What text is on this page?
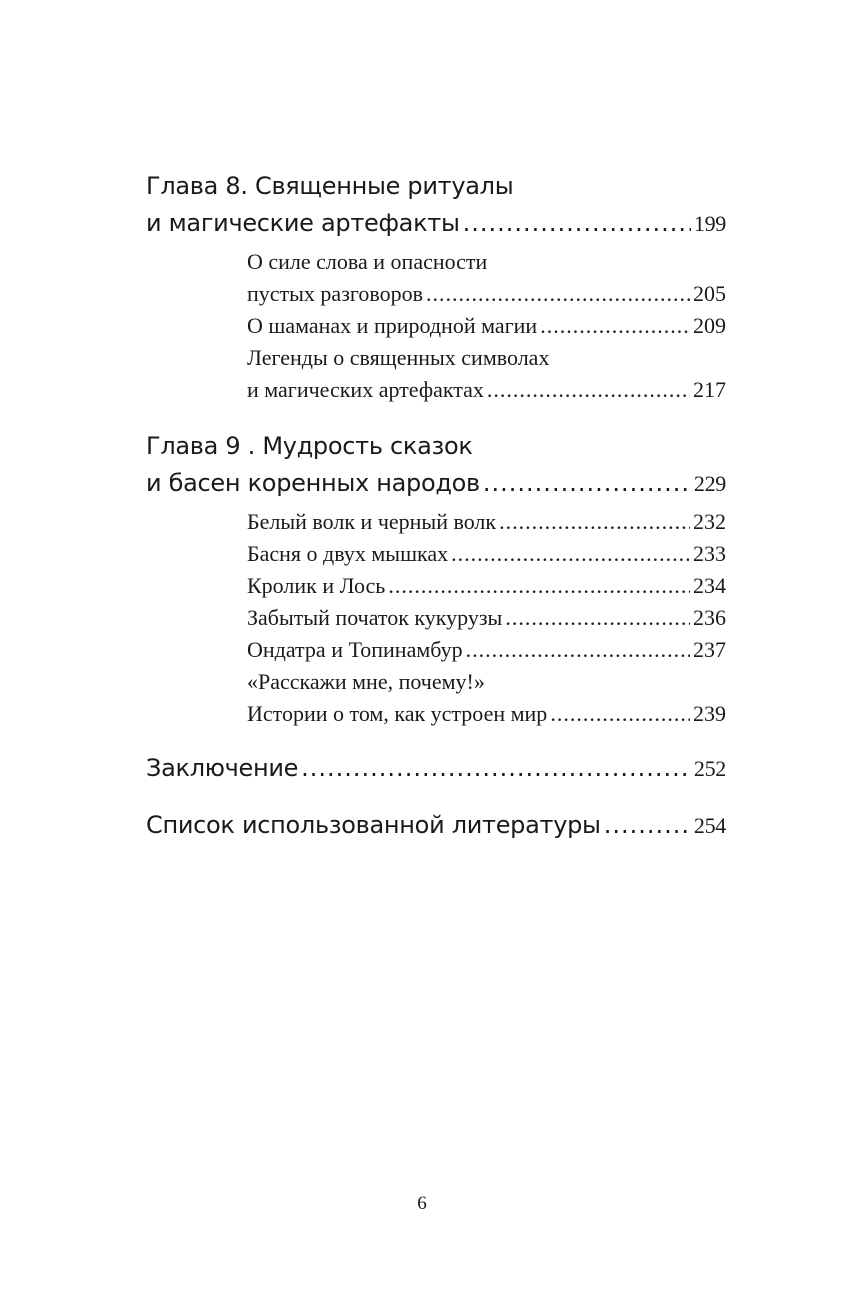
Глава 8. Священные ритуалы
и магические артефакты .....	199
О силе слова и опасности
пустых разговоров .....	205
О шаманах и природной магии .....	209
Легенды о священных символах
и магических артефактах .....	217
Глава 9 . Мудрость сказок
и басен коренных народов .....	229
Белый волк и черный волк .....	232
Басня о двух мышках .....	233
Кролик и Лось .....	234
Забытый початок кукурузы .....	236
Ондатра и Топинамбур .....	237
«Расскажи мне, почему!»
Истории о том, как устроен мир .....	239
Заключение .....	252
Список использованной литературы .....	254
6
